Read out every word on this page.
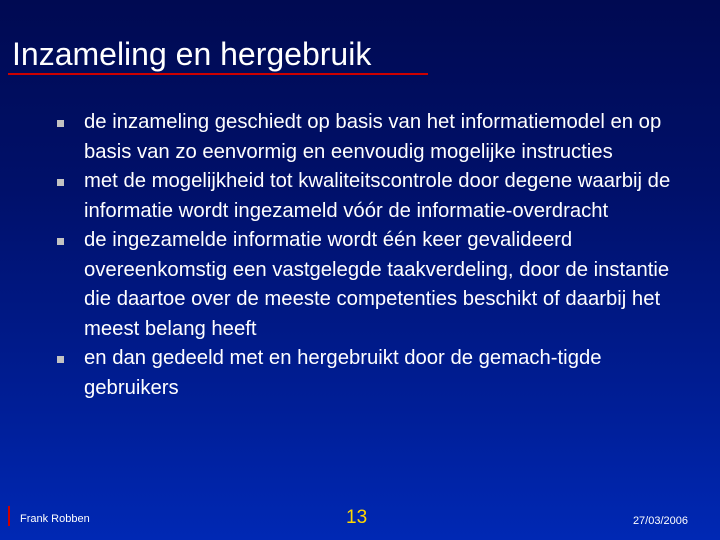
Inzameling en hergebruik
de inzameling geschiedt op basis van het informatiemodel en op basis van zo eenvormig en eenvoudig mogelijke instructies
met de mogelijkheid tot kwaliteitscontrole door degene waarbij de informatie wordt ingezameld vóór de informatie-overdracht
de ingezamelde informatie wordt één keer gevalideerd overeenkomstig een vastgelegde taakverdeling, door de instantie die daartoe over de meeste competenties beschikt of daarbij het meest belang heeft
en dan gedeeld met en hergebruikt door de gemach-tigde gebruikers
Frank Robben	13	27/03/2006
